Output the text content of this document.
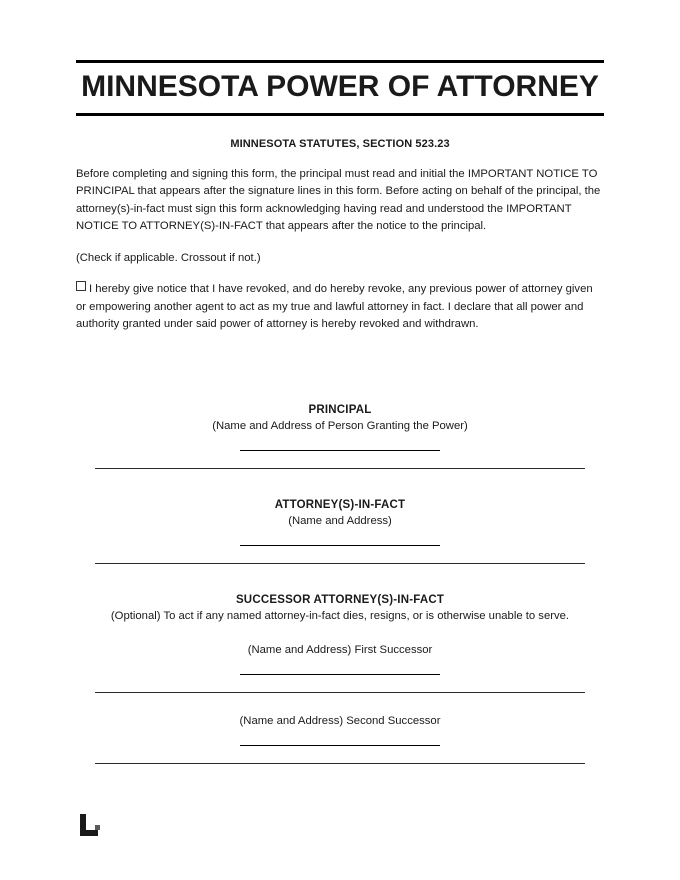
MINNESOTA POWER OF ATTORNEY
MINNESOTA STATUTES, SECTION 523.23

Before completing and signing this form, the principal must read and initial the IMPORTANT NOTICE TO PRINCIPAL that appears after the signature lines in this form. Before acting on behalf of the principal, the attorney(s)-in-fact must sign this form acknowledging having read and understood the IMPORTANT NOTICE TO ATTORNEY(S)-IN-FACT that appears after the notice to the principal.

(Check if applicable. Crossout if not.)

I hereby give notice that I have revoked, and do hereby revoke, any previous power of attorney given or empowering another agent to act as my true and lawful attorney in fact. I declare that all power and authority granted under said power of attorney is hereby revoked and withdrawn.

PRINCIPAL
(Name and Address of Person Granting the Power)
ATTORNEY(S)-IN-FACT
(Name and Address)
SUCCESSOR ATTORNEY(S)-IN-FACT
(Optional) To act if any named attorney-in-fact dies, resigns, or is otherwise unable to serve.
(Name and Address) First Successor
(Name and Address) Second Successor
